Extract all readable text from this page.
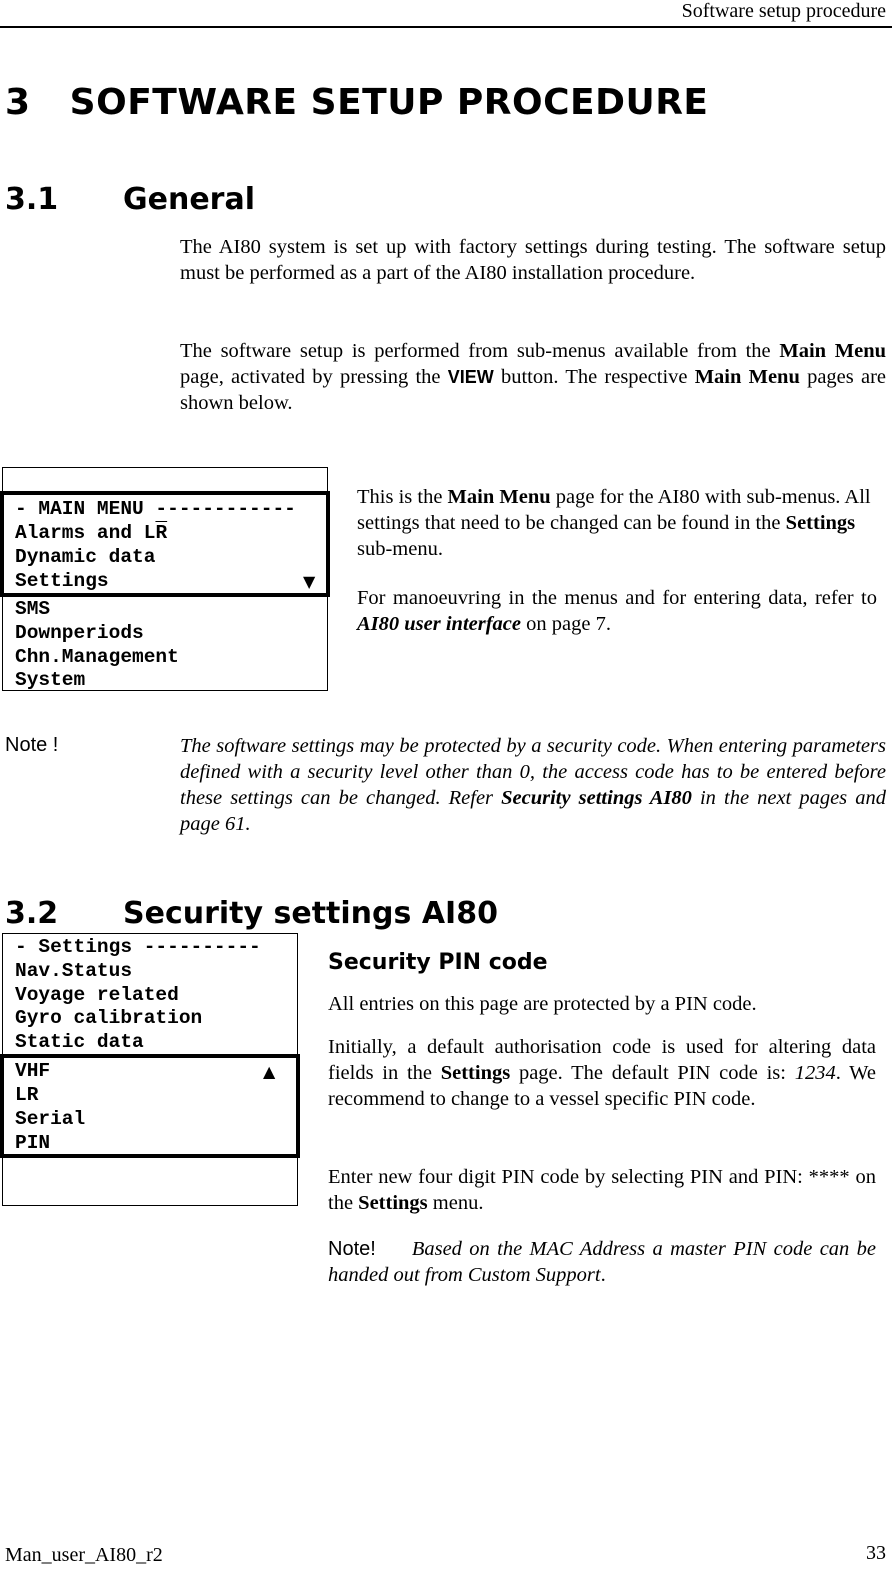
Software setup procedure
3 SOFTWARE SETUP PROCEDURE
3.1 General
The AI80 system is set up with factory settings during testing. The software setup must be performed as a part of the AI80 installation procedure.
The software setup is performed from sub-menus available from the Main Menu page, activated by pressing the VIEW button. The respective Main Menu pages are shown below.
- MAIN MENU ------------
Alarms and $L\overline{R}$
Dynamic data
Settings	▼
SMS
Downperiods
Chn.Management
System
This is the Main Menu page for the AI80 with sub-menus. All settings that need to be changed can be found in the Settings sub-menu.
For manoeuvring in the menus and for entering data, refer to AI80 user interface on page 7.
Note !	The software settings may be protected by a security code. When entering parameters defined with a security level other than 0, the access code has to be entered before these settings can be changed. Refer Security settings AI80 in the next pages and page 61.
3.2 Security settings AI80
- Settings ----------
Nav.Status
Voyage related
Gyro calibration
Static data
VHF	▲
LR
Serial
PIN
Security PIN code
All entries on this page are protected by a PIN code.
Initially, a default authorisation code is used for altering data fields in the Settings page. The default PIN code is: 1234. We recommend to change to a vessel specific PIN code.
Enter new four digit PIN code by selecting PIN and PIN: **** on the Settings menu.
Note! Based on the MAC Address a master PIN code can be handed out from Custom Support.
Man_user_AI80_r2	33
